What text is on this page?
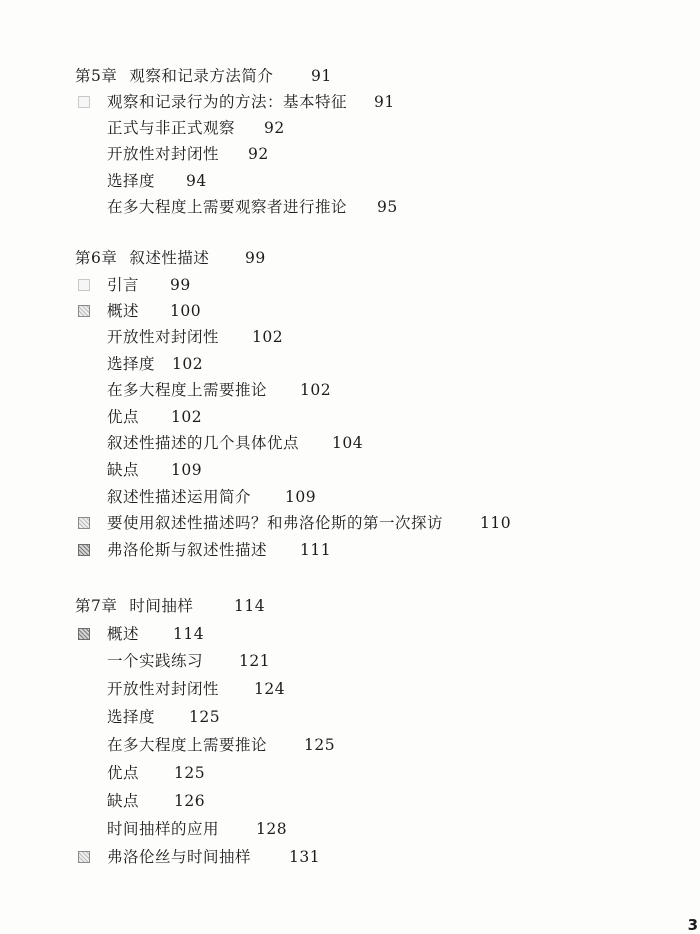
第5章 观察和记录方法简介 91
观察和记录行为的方法：基本特征 91
正式与非正式观察 92
开放性对封闭性 92
选择度 94
在多大程度上需要观察者进行推论 95
第6章 叙述性描述 99
引言 99
概述 100
开放性对封闭性 102
选择度 102
在多大程度上需要推论 102
优点 102
叙述性描述的几个具体优点 104
缺点 109
叙述性描述运用简介 109
要使用叙述性描述吗？和弗洛伦斯的第一次探访 110
弗洛伦斯与叙述性描述 111
第7章 时间抽样	114
概述 114
一个实践练习 121
开放性对封闭性 124
选择度 125
在多大程度上需要推论 125
优点 125
缺点 126
时间抽样的应用 128
弗洛伦丝与时间抽样 131
3
